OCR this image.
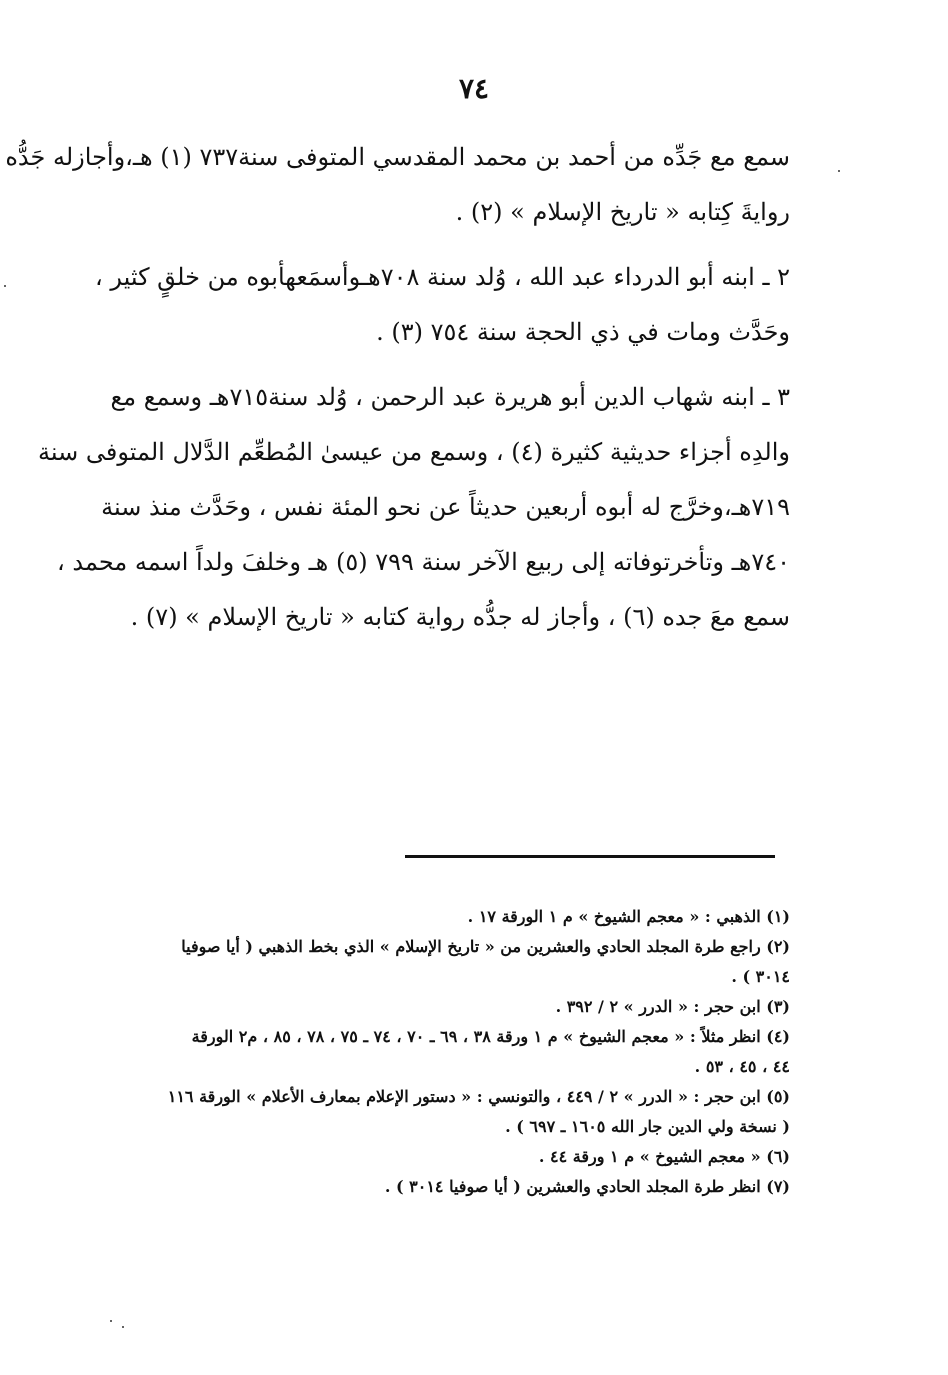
٧٤
سمع مع جَدِّه من أحمد بن محمد المقدسي المتوفى سنة٧٣٧ (١) هـ،وأجازله جَدُّه
روايةَ كِتابه « تاريخ الإسلام » (٢) .
٢ ـ ابنه أبو الدرداء عبد الله ، وُلد سنة ٧٠٨هـوأسمَعهأبوه من خلقٍ كثير ،
وحَدَّث ومات في ذي الحجة سنة ٧٥٤ (٣) .
٣ ـ ابنه شهاب الدين أبو هريرة عبد الرحمن ، وُلد سنة٧١٥هـ وسمع مع
والدِه أجزاء حديثية كثيرة (٤) ، وسمع من عيسىٰ المُطعِّم الدَّلال المتوفى سنة
٧١٩هـ،وخرَّج له أبوه أربعين حديثاً عن نحو المئة نفس ، وحَدَّث منذ سنة
٧٤٠هـ وتأخرتوفاته إلى ربيع الآخر سنة ٧٩٩ (٥) هـ وخلفَ ولداً اسمه محمد ،
سمع معَ جده (٦) ، وأجاز له جدُّه رواية كتابه « تاريخ الإسلام » (٧) .
(١) الذهبي : « معجم الشيوخ » م ١ الورقة ١٧ .
(٢) راجع طرة المجلد الحادي والعشرين من « تاريخ الإسلام » الذي بخط الذهبي ( أيا صوفيا
٣٠١٤ ) .
(٣) ابن حجر : « الدرر » ٢ / ٣٩٢ .
(٤) انظر مثلاً : « معجم الشيوخ » م ١ ورقة ٣٨ ، ٦٩ ـ ٧٠ ، ٧٤ ـ ٧٥ ، ٧٨ ، ٨٥ ، م٢ الورقة
٤٤ ، ٤٥ ، ٥٣ .
(٥) ابن حجر : « الدرر » ٢ / ٤٤٩ ، والتونسي : « دستور الإعلام بمعارف الأعلام » الورقة ١١٦
( نسخة ولي الدين جار الله ١٦٠٥ ـ ٦٩٧ ) .
(٦) « معجم الشيوخ » م ١ ورقة ٤٤ .
(٧) انظر طرة المجلد الحادي والعشرين ( أيا صوفيا ٣٠١٤ ) .
